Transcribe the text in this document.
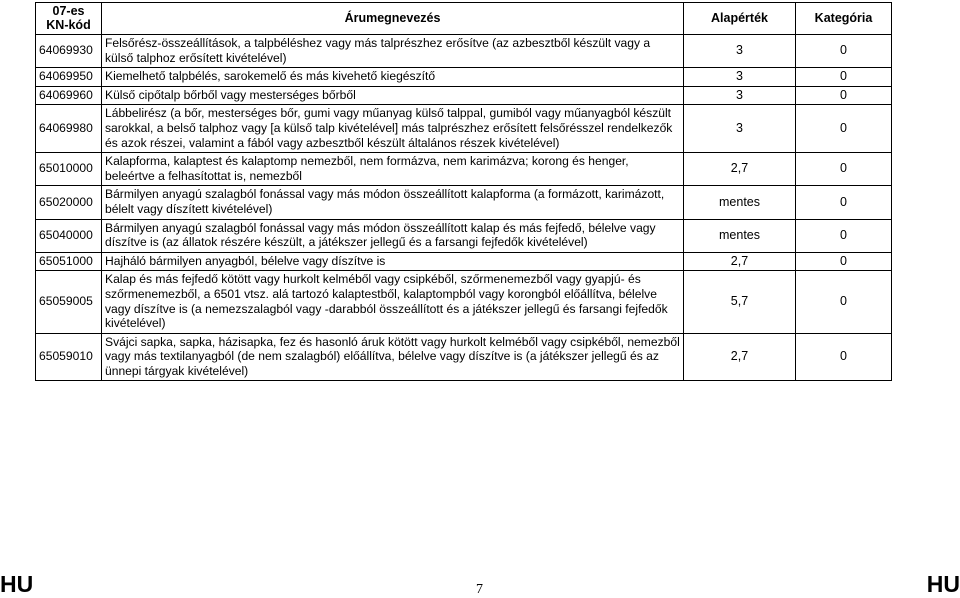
07-es
KN-kód	Árumegnevezés	Alapérték	Kategória
64069930	Felsőrész-összeállítások, a talpbéléshez vagy más talprészhez erősítve (az azbesztből készült vagy a külső talphoz erősített kivételével)	3	0
64069950	Kiemelhető talpbélés, sarokemelő és más kivehető kiegészítő	3	0
64069960	Külső cipőtalp bőrből vagy mesterséges bőrből	3	0
64069980	Lábbelirész (a bőr, mesterséges bőr, gumi vagy műanyag külső talppal, gumiból vagy műanyagból készült sarokkal, a belső talphoz vagy [a külső talp kivételével] más talprészhez erősített felsőrésszel rendelkezők és azok részei, valamint a fából vagy azbesztből készült általános részek kivételével)	3	0
65010000	Kalapforma, kalaptest és kalaptomp nemezből, nem formázva, nem karimázva; korong és henger, beleértve a felhasítottat is, nemezből	2,7	0
65020000	Bármilyen anyagú szalagból fonással vagy más módon összeállított kalapforma (a formázott, karimázott, bélelt vagy díszített kivételével)	mentes	0
65040000	Bármilyen anyagú szalagból fonással vagy más módon összeállított kalap és más fejfedő, bélelve vagy díszítve is (az állatok részére készült, a játékszer jellegű és a farsangi fejfedők kivételével)	mentes	0
65051000	Hajháló bármilyen anyagból, bélelve vagy díszítve is	2,7	0
65059005	Kalap és más fejfedő kötött vagy hurkolt kelméből vagy csipkéből, szőrmenemezből vagy gyapjú- és szőrmenemezből, a 6501 vtsz. alá tartozó kalaptestből, kalaptompból vagy korongból előállítva, bélelve vagy díszítve is (a nemezszalagból vagy -darabból összeállított és a játékszer jellegű és farsangi fejfedők kivételével)	5,7	0
65059010	Svájci sapka, sapka, házisapka, fez és hasonló áruk kötött vagy hurkolt kelméből vagy csipkéből, nemezből vagy más textilanyagból (de nem szalagból) előállítva, bélelve vagy díszítve is (a játékszer jellegű és az ünnepi tárgyak kivételével)	2,7	0
HU	7	HU
